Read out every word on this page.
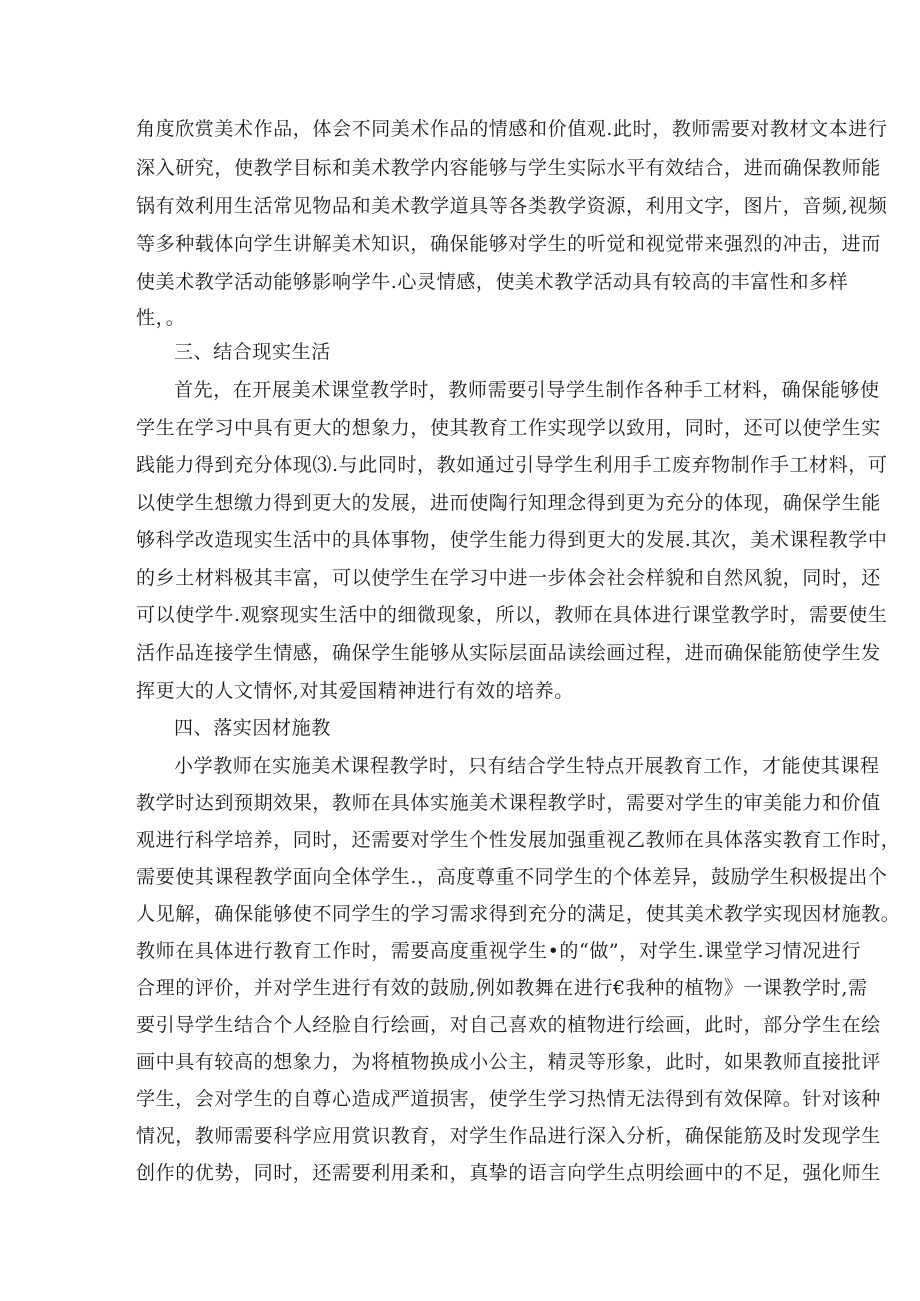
角度欣赏美术作品，体会不同美术作品的情感和价值观.此时，教师需要对教材文本进行
深入研究，使教学目标和美术教学内容能够与学生实际水平有效结合，进而确保教师能
锅有效利用生活常见物品和美术教学道具等各类教学资源，利用文字，图片，音频,视频
等多种载体向学生讲解美术知识，确保能够对学生的听觉和视觉带来强烈的冲击，进而
使美术教学活动能够影响学牛.心灵情感，使美术教学活动具有较高的丰富性和多样
性，。
三、结合现实生活
首先，在开展美术课堂教学时，教师需要引导学生制作各种手工材料，确保能够使
学生在学习中具有更大的想象力，使其教育工作实现学以致用，同时，还可以使学生实
践能力得到充分体现⑶.与此同时，教如通过引导学生利用手工废弃物制作手工材料，可
以使学生想缴力得到更大的发展，进而使陶行知理念得到更为充分的体现，确保学生能
够科学改造现实生活中的具体事物，使学生能力得到更大的发展.其次，美术课程教学中
的乡土材料极其丰富，可以使学生在学习中进一步体会社会样貌和自然风貌，同时，还
可以使学牛.观察现实生活中的细微现象，所以，教师在具体进行课堂教学时，需要使生
活作品连接学生情感，确保学生能够从实际层面品读绘画过程，进而确保能筋使学生发
挥更大的人文情怀,对其爱国精神进行有效的培养。
四、落实因材施教
小学教师在实施美术课程教学时，只有结合学生特点开展教育工作，才能使其课程
教学时达到预期效果，教师在具体实施美术课程教学时，需要对学生的审美能力和价值
观进行科学培养，同时，还需要对学生个性发展加强重视乙教师在具体落实教育工作时，
需要使其课程教学面向全体学生.，高度尊重不同学生的个体差异，鼓励学生积极提出个
人见解，确保能够使不同学生的学习需求得到充分的满足，使其美术教学实现因材施教。
教师在具体进行教育工作时，需要高度重视学生•的“做”，对学生.课堂学习情况进行
合理的评价，并对学生进行有效的鼓励,例如教舞在进行€我种的植物》一课教学时,需
要引导学生结合个人经脸自行绘画，对自己喜欢的植物进行绘画，此时，部分学生在绘
画中具有较高的想象力，为将植物换成小公主，精灵等形象，此时，如果教师直接批评
学生，会对学生的自尊心造成严道损害，使学生学习热情无法得到有效保障。针对该种
情况，教师需要科学应用赏识教育，对学生作品进行深入分析，确保能筋及时发现学生
创作的优势，同时，还需要利用柔和，真挚的语言向学生点明绘画中的不足，强化师生
